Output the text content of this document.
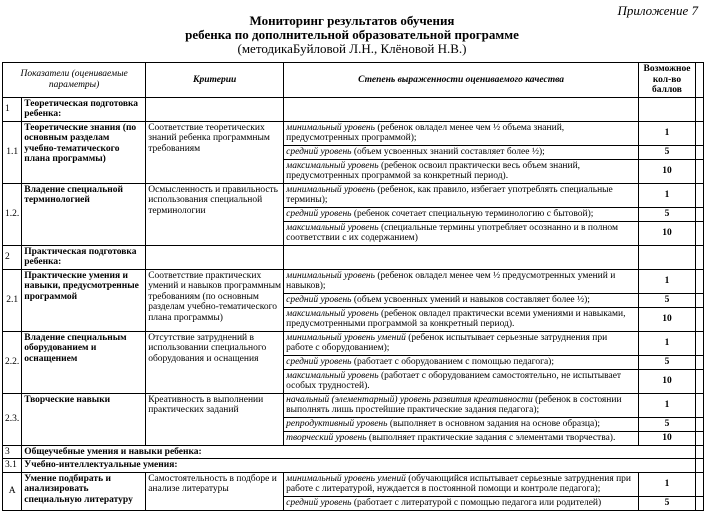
Приложение 7
Мониторинг результатов обучения
ребенка по дополнительной образовательной программе
(методикаБуйловой Л.Н., Клёновой Н.В.)
Показатели (оцениваемые параметры)		Критерии	Степень выраженности оцениваемого качества	Возможное кол-во баллов	
1	Теоретическая подготовка ребенка:				
1.1	Теоретические знания (по основным разделам учебно-тематического плана программы)	Соответствие теоретических знаний ребенка программным требованиям	минимальный уровень (ребенок овладел менее чем ½ объема знаний, предусмотренных программой);	1	
			средний уровень (объем усвоенных знаний составляет более ½);	5	
			максимальный уровень (ребенок освоил практически весь объем знаний, предусмотренных программой за конкретный период).	10	
1.2.	Владение специальной терминологией	Осмысленность и правильность использования специальной терминологии	минимальный уровень (ребенок, как правило, избегает употреблять специальные термины);	1	
			средний уровень (ребенок сочетает специальную терминологию с бытовой);	5	
			максимальный уровень (специальные термины употребляет осознанно и в полном соответствии с их содержанием)	10	
2	Практическая подготовка ребенка:				
2.1	Практические умения и навыки, предусмотренные программой	Соответствие практических умений и навыков программным требованиям (по основным разделам учебно-тематического плана программы)	минимальный уровень (ребенок овладел менее чем ½ предусмотренных умений и навыков);	1	
			средний уровень (объем усвоенных умений и навыков составляет более ½);	5	
			максимальный уровень (ребенок овладел практически всеми умениями и навыками, предусмотренными программой за конкретный период).	10	
2.2.	Владение специальным оборудованием и оснащением	Отсутствие затруднений в использовании специального оборудования и оснащения	минимальный уровень умений (ребенок испытывает серьезные затруднения при работе с оборудованием);	1	
			средний уровень (работает с оборудованием с помощью педагога);	5	
			максимальный уровень (работает с оборудованием самостоятельно, не испытывает особых трудностей).	10	
2.3.	Творческие навыки	Креативность в выполнении практических заданий	начальный (элементарный) уровень развития креативности (ребенок в состоянии выполнять лишь простейшие практические задания педагога);	1	
			репродуктивный уровень (выполняет в основном задания на основе образца);	5	
			творческий уровень (выполняет практические задания с элементами творчества).	10	
3	Общеучебные умения и навыки ребенка:				
3.1	Учебно-интеллектуальные умения:				
А	Умение подбирать и анализировать специальную литературу	Самостоятельность в подборе и анализе литературы	минимальный уровень умений (обучающийся испытывает серьезные затруднения при работе с литературой, нуждается в постоянной помощи и контроле педагога);	1	
			средний уровень (работает с литературой с помощью педагога или родителей)	5	
